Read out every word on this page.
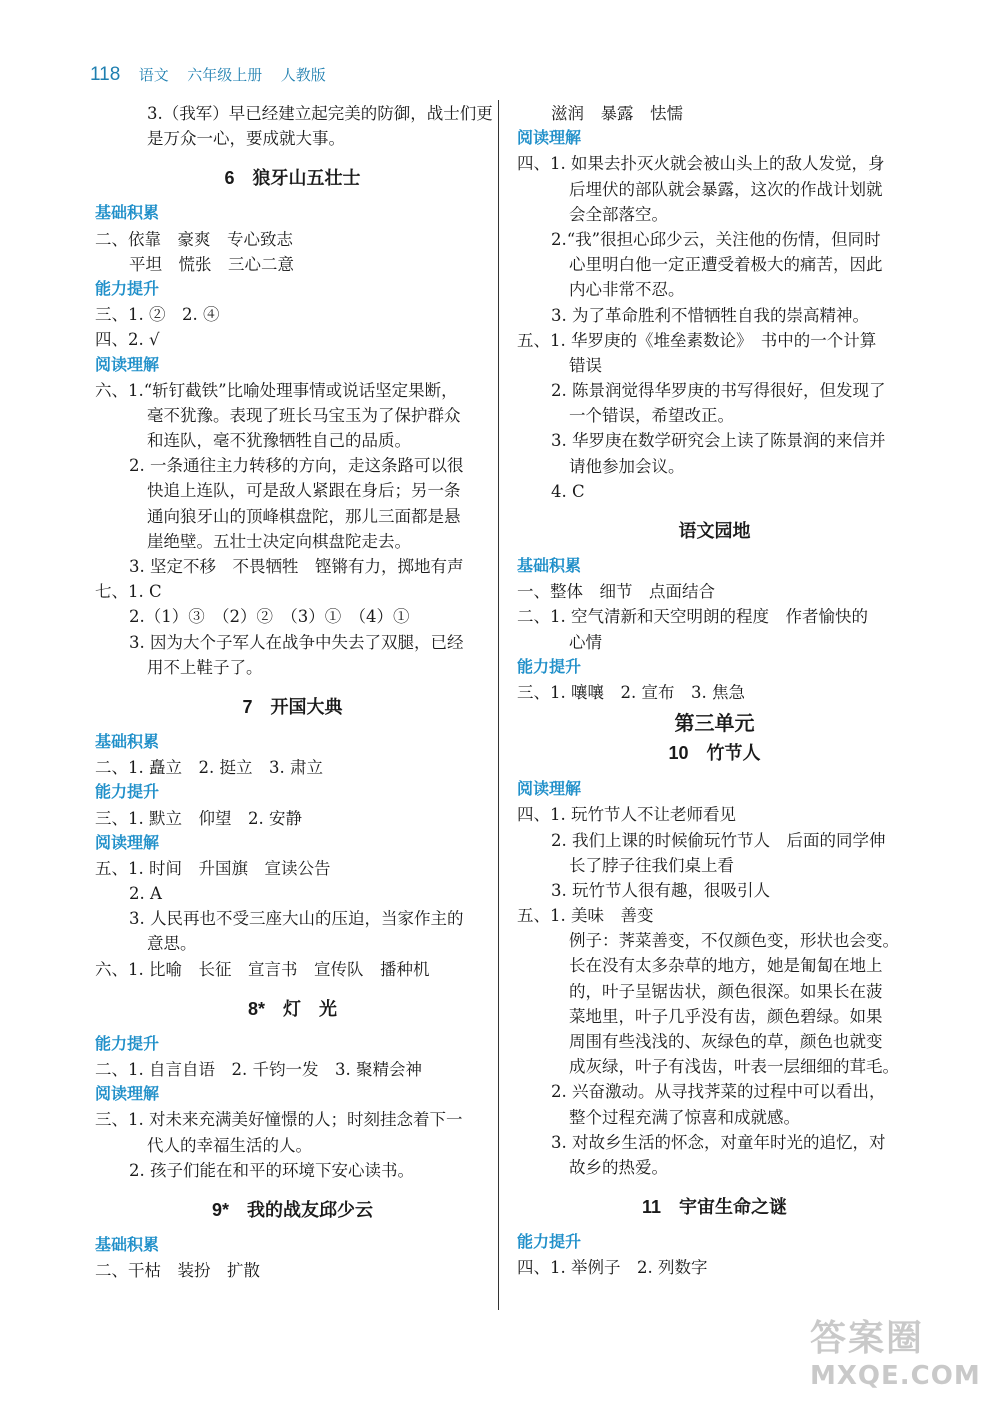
118 语文 六年级上册 人教版
3.（我军）早已经建立起完美的防御，战士们更
是万众一心，要成就大事。
6　狼牙山五壮士
基础积累
二、依靠　豪爽　专心致志
平坦　慌张　三心二意
能力提升
三、1. ②　2. ④
四、2. √
阅读理解
六、1.“斩钉截铁”比喻处理事情或说话坚定果断，
毫不犹豫。表现了班长马宝玉为了保护群众
和连队，毫不犹豫牺牲自己的品质。
2. 一条通往主力转移的方向，走这条路可以很
快追上连队，可是敌人紧跟在身后；另一条
通向狼牙山的顶峰棋盘陀，那儿三面都是悬
崖绝壁。五壮士决定向棋盘陀走去。
3. 坚定不移　不畏牺牲　铿锵有力，掷地有声
七、1. C
2.（1）③　（2）②　（3）①　（4）①
3. 因为大个子军人在战争中失去了双腿，已经
用不上鞋子了。
7　开国大典
基础积累
二、1. 矗立　2. 挺立　3. 肃立
能力提升
三、1. 默立　仰望　2. 安静
阅读理解
五、1. 时间　升国旗　宣读公告
2. A
3. 人民再也不受三座大山的压迫，当家作主的
意思。
六、1. 比喻　长征　宣言书　宣传队　播种机
8*　灯　光
能力提升
二、1. 自言自语　2. 千钧一发　3. 聚精会神
阅读理解
三、1. 对未来充满美好憧憬的人；时刻挂念着下一
代人的幸福生活的人。
2. 孩子们能在和平的环境下安心读书。
9*　我的战友邱少云
基础积累
二、干枯　装扮　扩散
滋润　暴露　怯懦
阅读理解
四、1. 如果去扑灭火就会被山头上的敌人发觉，身
后埋伏的部队就会暴露，这次的作战计划就
会全部落空。
2.“我”很担心邱少云，关注他的伤情，但同时
心里明白他一定正遭受着极大的痛苦，因此
内心非常不忍。
3. 为了革命胜利不惜牺牲自我的崇高精神。
五、1. 华罗庚的《堆垒素数论》　书中的一个计算
错误
2. 陈景润觉得华罗庚的书写得很好，但发现了
一个错误，希望改正。
3. 华罗庚在数学研究会上读了陈景润的来信并
请他参加会议。
4. C
语文园地
基础积累
一、整体　细节　点面结合
二、1. 空气清新和天空明朗的程度　作者愉快的
心情
能力提升
三、1. 嚷嚷　2. 宣布　3. 焦急
第三单元
10　竹节人
阅读理解
四、1. 玩竹节人不让老师看见
2. 我们上课的时候偷玩竹节人　后面的同学伸
长了脖子往我们桌上看
3. 玩竹节人很有趣，很吸引人
五、1. 美味　善变
例子：荠菜善变，不仅颜色变，形状也会变。
长在没有太多杂草的地方，她是匍匐在地上
的，叶子呈锯齿状，颜色很深。如果长在菠
菜地里，叶子几乎没有齿，颜色碧绿。如果
周围有些浅浅的、灰绿色的草，颜色也就变
成灰绿，叶子有浅齿，叶表一层细细的茸毛。
2. 兴奋激动。从寻找荠菜的过程中可以看出，
整个过程充满了惊喜和成就感。
3. 对故乡生活的怀念，对童年时光的追忆，对
故乡的热爱。
11　宇宙生命之谜
能力提升
四、1. 举例子　2. 列数字
答案圈
MXQE.COM
